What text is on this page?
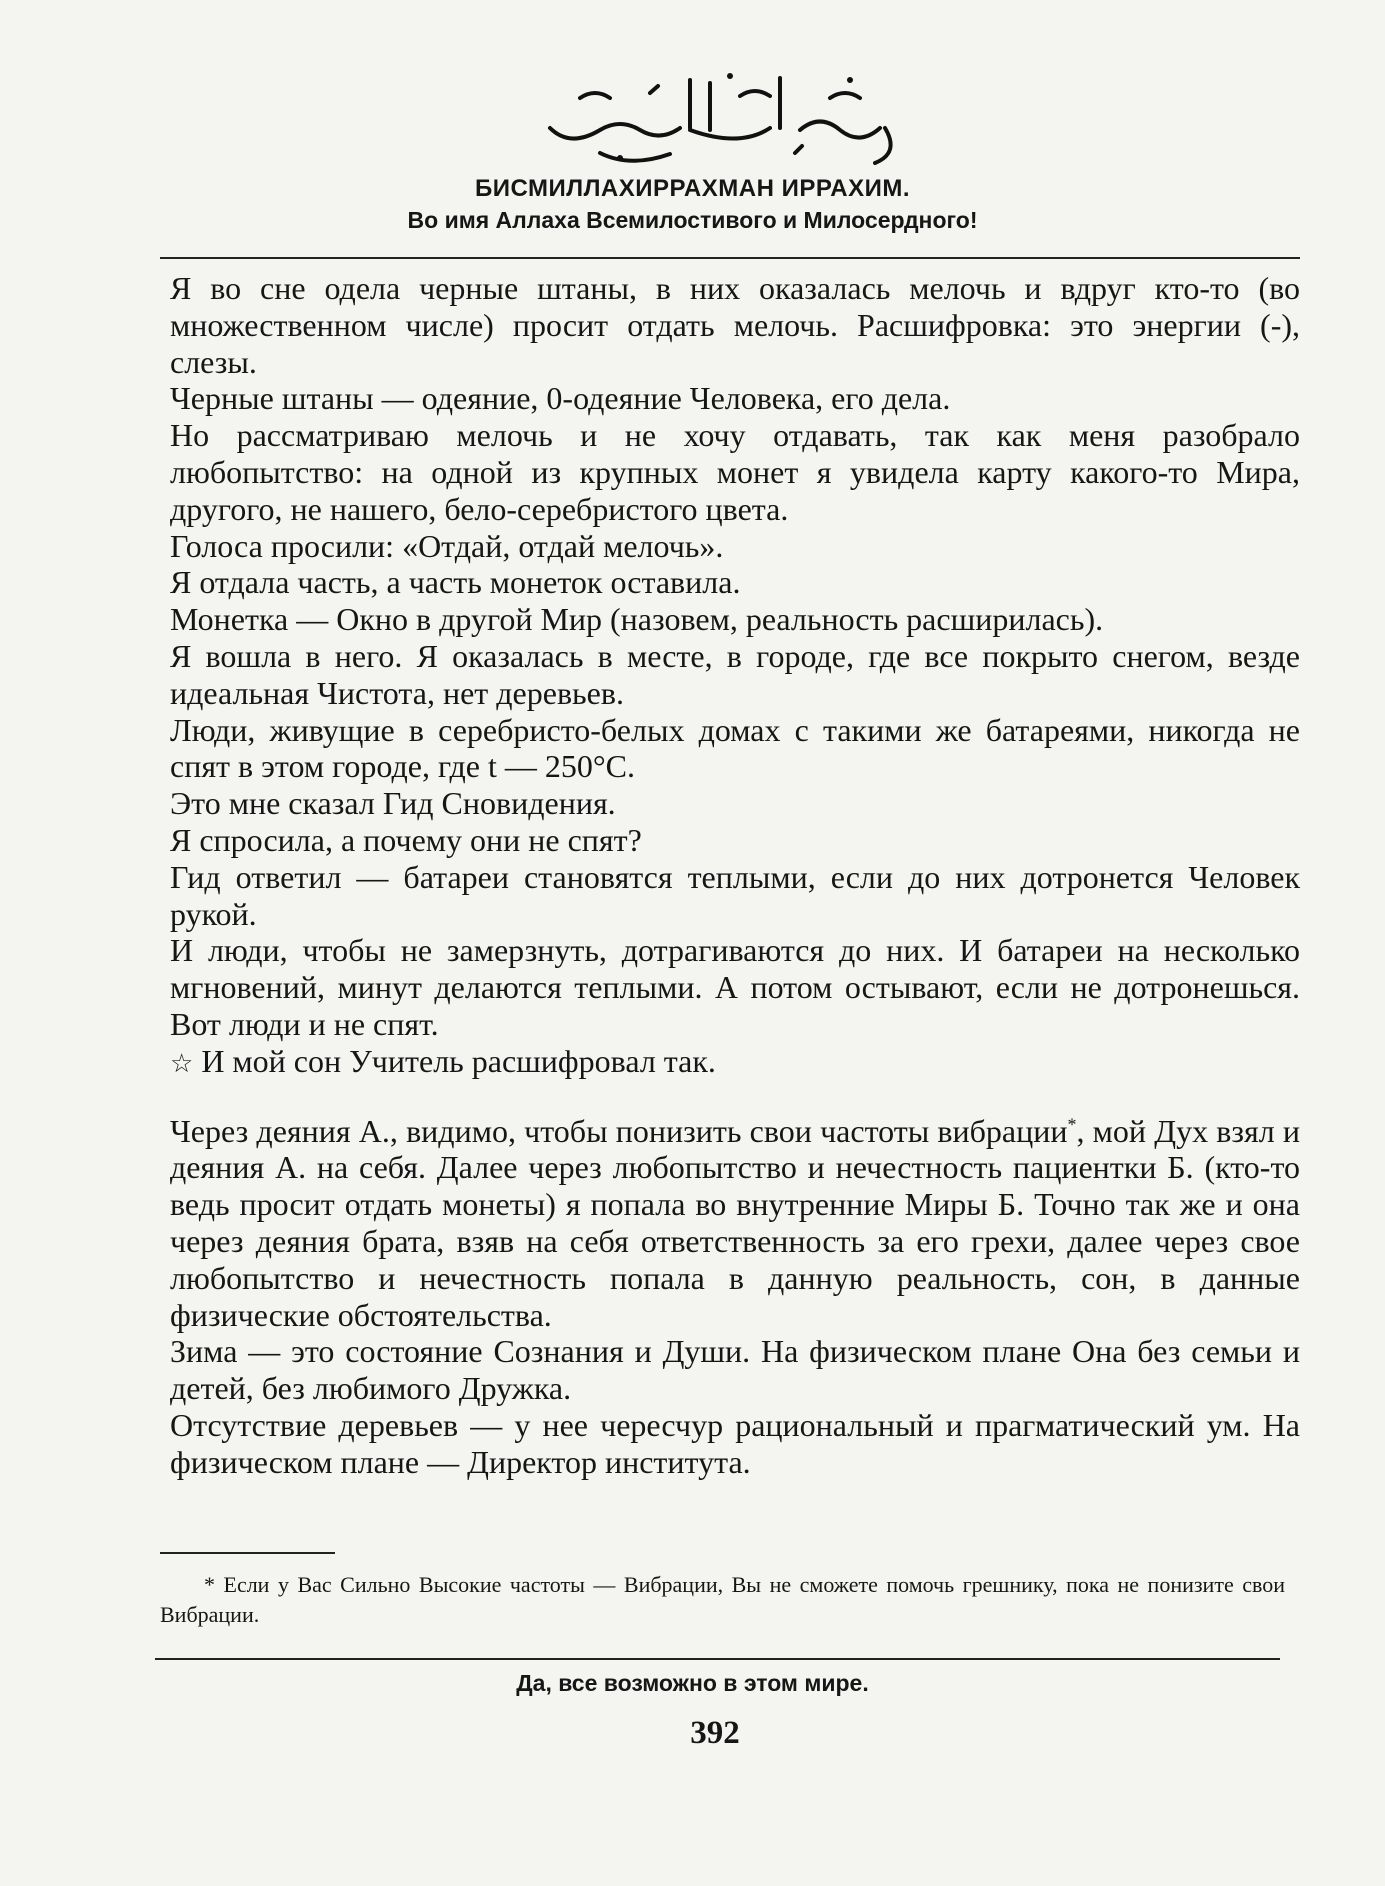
БИСМИЛЛАХИРРАХМАН ИРРАХИМ.
Во имя Аллаха Всемилостивого и Милосердного!

Я во сне одела черные штаны, в них оказалась мелочь и вдруг кто-то (во множественном числе) просит отдать мелочь. Расшифровка: это энергии (-), слезы.

Черные штаны — одеяние, 0-одеяние Человека, его дела.

Но рассматриваю мелочь и не хочу отдавать, так как меня разобрало любопытство: на одной из крупных монет я увидела карту какого-то Мира, другого, не нашего, бело-серебристого цвета.

Голоса просили: «Отдай, отдай мелочь».

Я отдала часть, а часть монеток оставила.

Монетка — Окно в другой Мир (назовем, реальность расширилась).

Я вошла в него. Я оказалась в месте, в городе, где все покрыто снегом, везде идеальная Чистота, нет деревьев.

Люди, живущие в серебристо-белых домах с такими же батареями, никогда не спят в этом городе, где t — 250°С.

Это мне сказал Гид Сновидения.

Я спросила, а почему они не спят?

Гид ответил — батареи становятся теплыми, если до них дотронется Человек рукой.

И люди, чтобы не замерзнуть, дотрагиваются до них. И батареи на несколько мгновений, минут делаются теплыми. А потом остывают, если не дотронешься. Вот люди и не спят.

☆ И мой сон Учитель расшифровал так.

Через деяния А., видимо, чтобы понизить свои частоты вибрации*, мой Дух взял и деяния А. на себя. Далее через любопытство и нечестность пациентки Б. (кто-то ведь просит отдать монеты) я попала во внутренние Миры Б. Точно так же и она через деяния брата, взяв на себя ответственность за его грехи, далее через свое любопытство и нечестность попала в данную реальность, сон, в данные физические обстоятельства.

Зима — это состояние Сознания и Души. На физическом плане Она без семьи и детей, без любимого Дружка.

Отсутствие деревьев — у нее чересчур рациональный и прагматический ум. На физическом плане — Директор института.

* Если у Вас Сильно Высокие частоты — Вибрации, Вы не сможете помочь грешнику, пока не понизите свои Вибрации.
Да, все возможно в этом мире.
392
